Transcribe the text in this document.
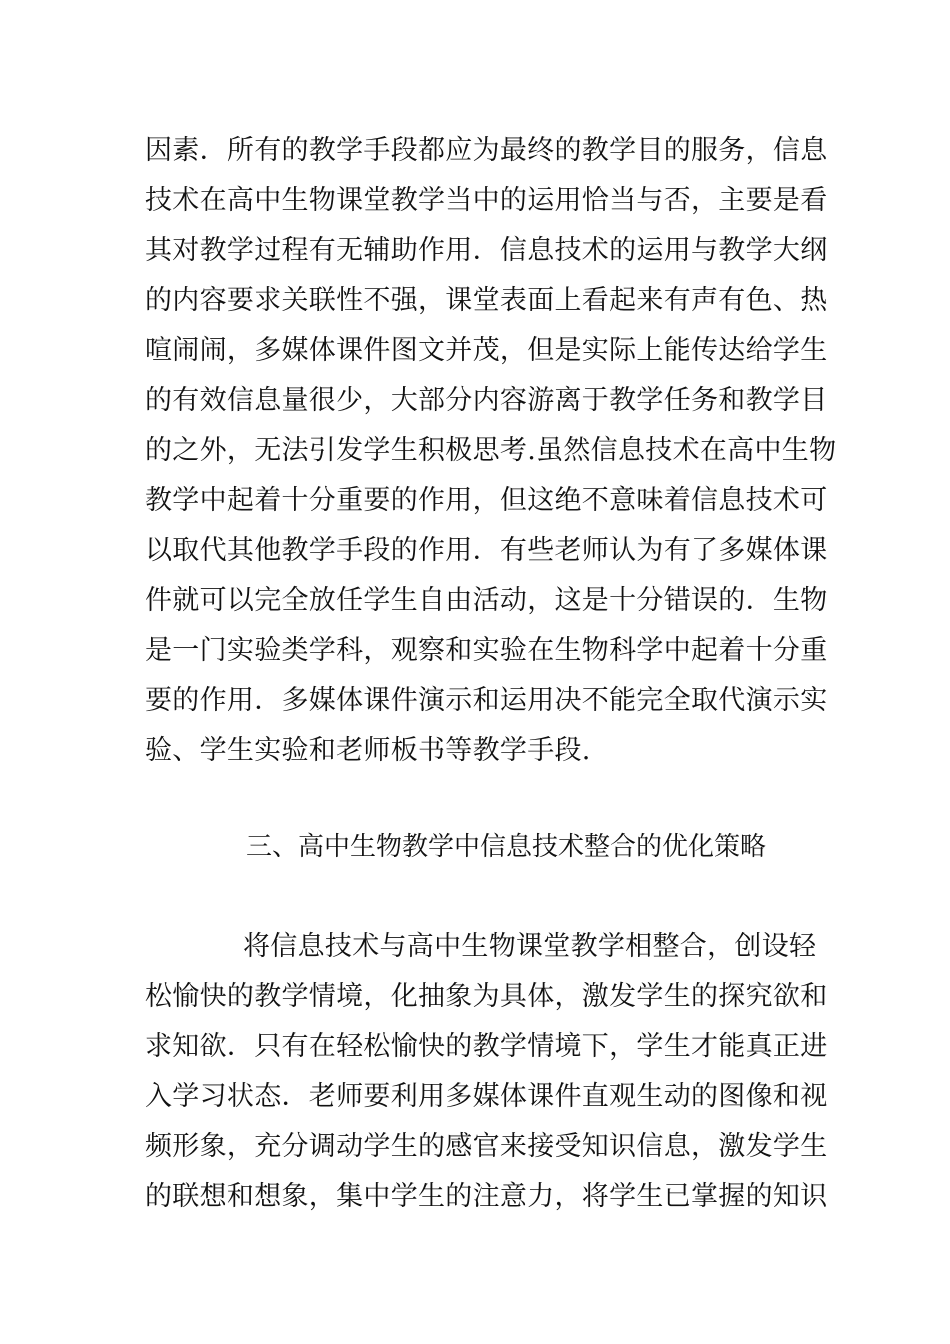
因素．所有的教学手段都应为最终的教学目的服务，信息
技术在高中生物课堂教学当中的运用恰当与否，主要是看
其对教学过程有无辅助作用．信息技术的运用与教学大纲
的内容要求关联性不强，课堂表面上看起来有声有色、热
喧闹闹，多媒体课件图文并茂，但是实际上能传达给学生
的有效信息量很少，大部分内容游离于教学任务和教学目
的之外，无法引发学生积极思考.虽然信息技术在高中生物
教学中起着十分重要的作用，但这绝不意味着信息技术可
以取代其他教学手段的作用．有些老师认为有了多媒体课
件就可以完全放任学生自由活动，这是十分错误的．生物
是一门实验类学科，观察和实验在生物科学中起着十分重
要的作用．多媒体课件演示和运用决不能完全取代演示实
验、学生实验和老师板书等教学手段.
三、高中生物教学中信息技术整合的优化策略
将信息技术与高中生物课堂教学相整合，创设轻
松愉快的教学情境，化抽象为具体，激发学生的探究欲和
求知欲．只有在轻松愉快的教学情境下，学生才能真正进
入学习状态．老师要利用多媒体课件直观生动的图像和视
频形象，充分调动学生的感官来接受知识信息，激发学生
的联想和想象，集中学生的注意力，将学生已掌握的知识
